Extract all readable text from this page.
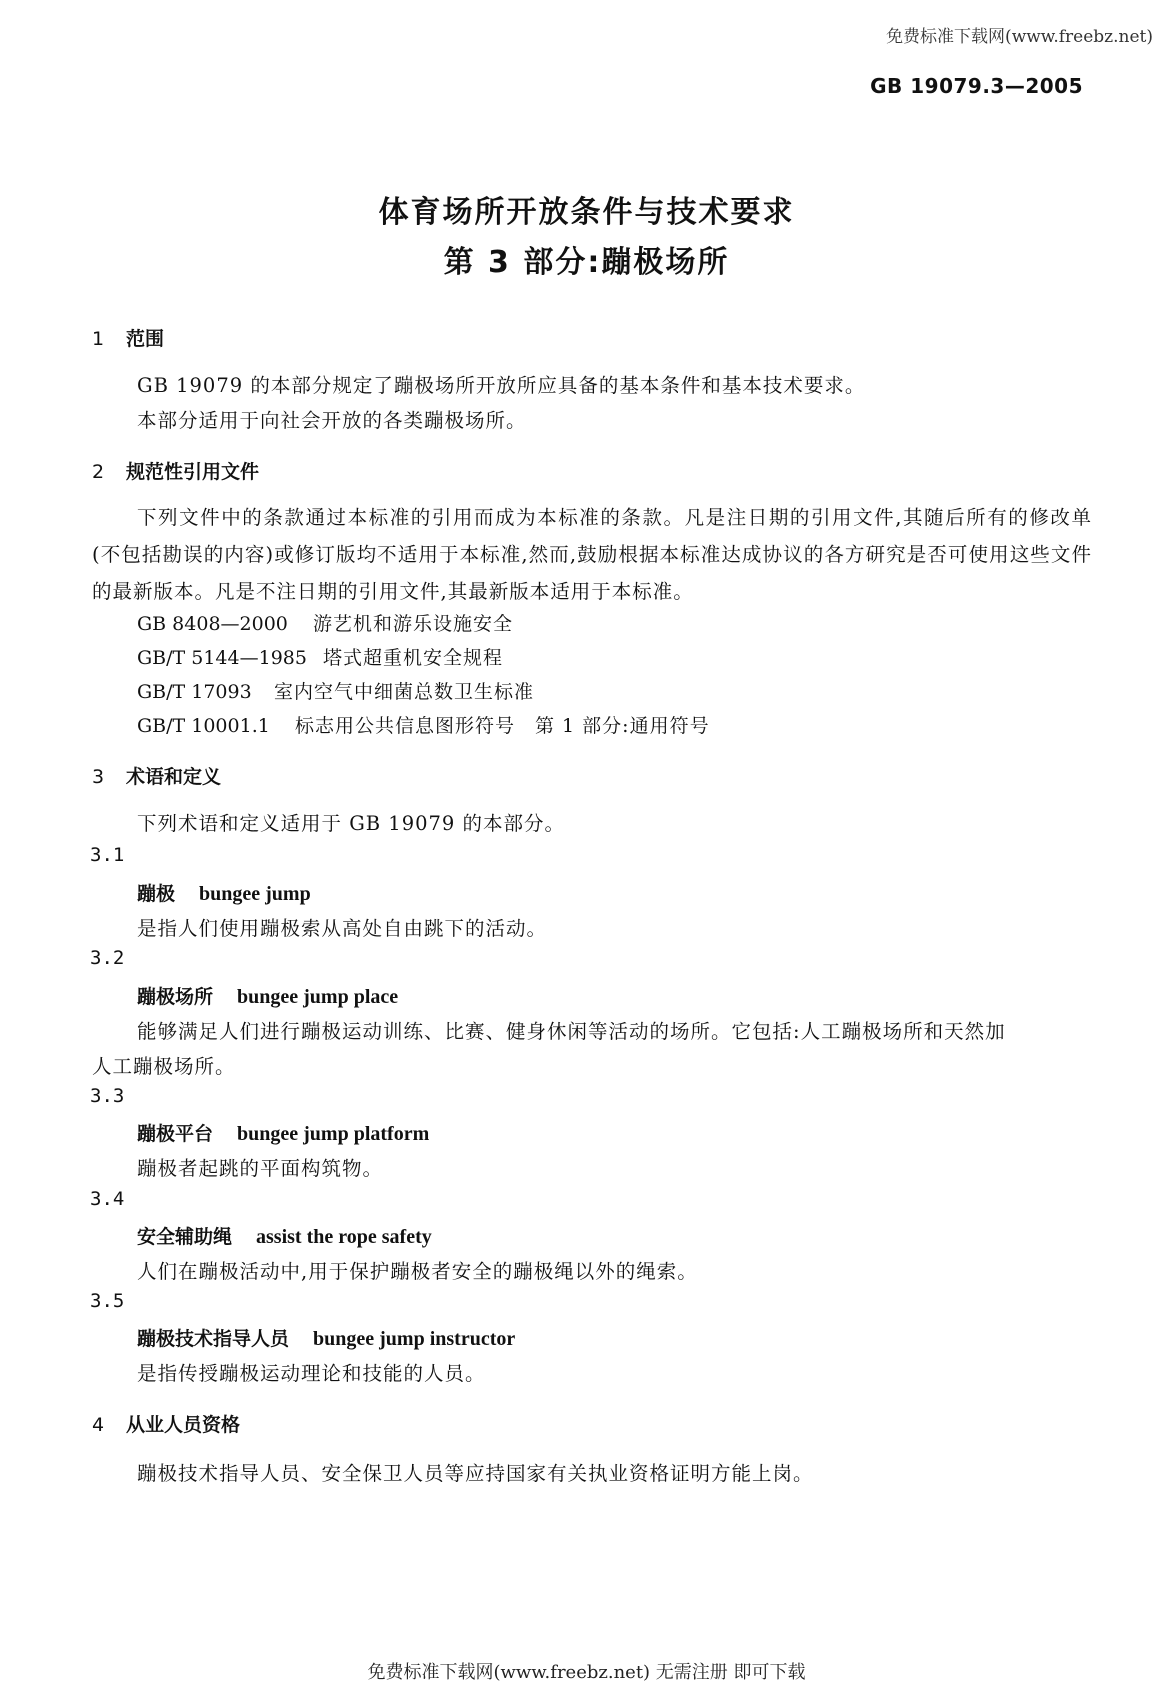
免费标准下载网(www.freebz.net)
GB 19079.3—2005
体育场所开放条件与技术要求
第 3 部分:蹦极场所
1 范围
GB 19079 的本部分规定了蹦极场所开放所应具备的基本条件和基本技术要求。
本部分适用于向社会开放的各类蹦极场所。
2 规范性引用文件
下列文件中的条款通过本标准的引用而成为本标准的条款。凡是注日期的引用文件,其随后所有的修改单(不包括勘误的内容)或修订版均不适用于本标准,然而,鼓励根据本标准达成协议的各方研究是否可使用这些文件的最新版本。凡是不注日期的引用文件,其最新版本适用于本标准。
GB 8408—2000 游艺机和游乐设施安全
GB/T 5144—1985 塔式超重机安全规程
GB/T 17093 室内空气中细菌总数卫生标准
GB/T 10001.1 标志用公共信息图形符号　第 1 部分:通用符号
3 术语和定义
下列术语和定义适用于 GB 19079 的本部分。
3.1
蹦极 bungee jump
是指人们使用蹦极索从高处自由跳下的活动。
3.2
蹦极场所 bungee jump place
能够满足人们进行蹦极运动训练、比赛、健身休闲等活动的场所。它包括:人工蹦极场所和天然加
人工蹦极场所。
3.3
蹦极平台 bungee jump platform
蹦极者起跳的平面构筑物。
3.4
安全辅助绳 assist the rope safety
人们在蹦极活动中,用于保护蹦极者安全的蹦极绳以外的绳索。
3.5
蹦极技术指导人员 bungee jump instructor
是指传授蹦极运动理论和技能的人员。
4 从业人员资格
蹦极技术指导人员、安全保卫人员等应持国家有关执业资格证明方能上岗。
免费标准下载网(www.freebz.net) 无需注册 即可下载
